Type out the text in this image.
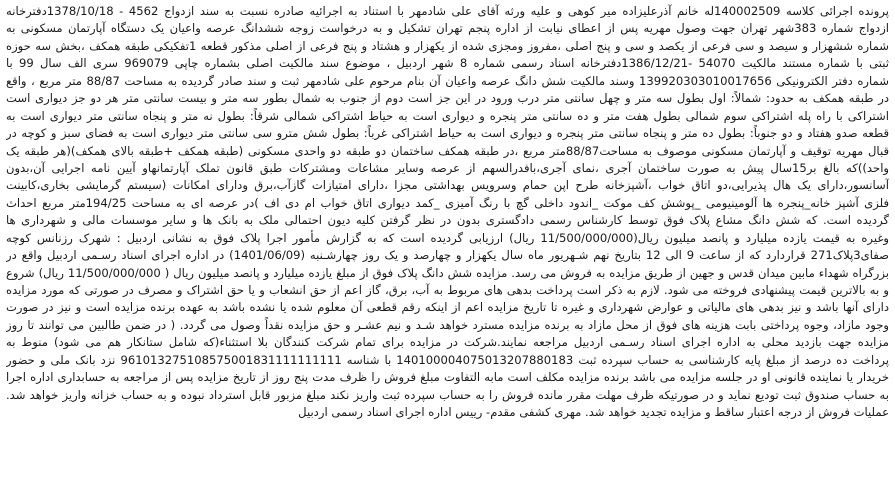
پرونده اجرائی کلاسه 140002509له خانم آذرعلیزاده میر کوهی و علیه ورثه آقای علی شادمهر با استناد به اجرائیه صادره نسبت به سند ازدواج 4562 - 1378/10/18دفترخانه
ازدواج شماره 383شهر تهران جهت وصول مهریه پس از اعطای نیابت از اداره پنجم تهران تشکیل و به درخواست زوجه ششدانگ عرصه واعیان یک دستگاه آپارتمان مسکونی به
شماره ششهزار و سیصد و سی فرعی از یکصد و سی و پنج اصلی ،مفروز ومجزی شده از یکهزار و هشتاد و پنج فرعی از اصلی مذکور قطعه 1تفکیکی طبقه همکف ،بخش سه حوزه
ثبتی با شماره مستند مالکیت 54070 -1386/12/21دفترخانه اسناد رسمی شماره 8 شهر اردبیل ، موضوع سند مالکیت اصلی بشماره چاپی 969079 سری الف سال 99 با
شماره دفتر الکترونیکی 139920303010017656 وسند مالکیت شش دانگ عرصه واعیان آن بنام مرحوم علی شادمهر ثبت و سند صادر گردیده به مساحت 88/87 متر مربع ، واقع
در طبقه همکف به حدود: شمالاً: اول بطول سه متر و چهل سانتی متر درب ورود در این جز است دوم از جنوب به شمال بطور سه متر و بیست سانتی متر هر دو جز دیواری است
اشتراکی با راه پله اشتراکی سوم شمالی بطول هفت متر و ده سانتی متر پنجره و دیواری است به حیاط اشتراکی شمالی شرقاً: بطول نه متر و پنجاه سانتی متر دیواری است به
قطعه صدو هفتاد و دو جنوباً: بطول ده متر و پنجاه سانتی متر پنجره و دیواری است به حیاط اشتراکی غرباً: بطول شش مترو سی سانتی متر دیواری است به فضای سبز و کوچه در
قبال مهریه توقیف و آپارتمان مسکونی موصوف به مساحت88/87متر مربع ،در طبقه همکف ساختمان دو طبقه دو واحدی مسکونی (طبقه همکف +طبقه بالای همکف)(هر طبقه یک
واحد))که بالغ بر15سال پیش به صورت ساختمان آجری ،نمای آجری،بافدرالسهم از عرصه وسایر مشاعات ومشترکات طبق قانون تملک آپارتمانهاو آیین نامه اجرایی آن،بدون
آسانسور،دارای یک هال پذیرایی،دو اتاق خواب ،آشپزخانه طرح اپن حمام وسرویس بهداشتی مجزا ،دارای امتیازات گازآب،برق ودارای امکانات (سیستم گرمایشی بخاری،کابینت
فلزی آشپز خانه_پنجره ها آلومینیومی _پوشش کف موکت _اندود داخلی گچ با رنگ آمیزی _کمد دیواری اتاق خواب ام دی اف )در عرصه ای به مساحت 194/25متر مربع احداث
گردیده است. که شش دانگ مشاع پلاک فوق توسط کارشناس رسمی دادگستری بدون در نظر گرفتن کلیه دیون احتمالی ملک به بانک ها و سایر موسسات مالی و شهرداری ها
وغیره به قیمت یازده میلیارد و پانصد میلیون ریال(11/500/000/000 ریال) ارزیابی گردیده است که به گزارش مأمور اجرا پلاک فوق به نشانی اردبیل : شهرک رزنانس کوچه
صفای3پلاک271 قراردارد که از ساعت 9 الی 12 بتاریخ نهم شـهریور ماه سال یکهزار و چهارصد و یک روز چهارشـنبه (1401/06/09) در اداره اجرای اسناد رسـمی اردبیل واقع در
بزرگراه شهداء مابین میدان قدس و جهین از طریق مزایده به فروش می رسد. مزایده شش دانگ پلاک فوق از مبلغ یازده میلیارد و پانصد میلیون ریال ( 11/500/000/000 ریال) شروع
و به بالاترین قیمت پیشنهادی فروخته می شود. لازم به ذکر است پرداخت بدهی های مربوط به آب، برق، گاز اعم از حق انشعاب و یا حق اشتراک و مصرف در صورتی که مورد مزایده
دارای آنها باشد و نیز بدهی های مالیاتی و عوارض شهرداری و غیره تا تاریخ مزایده اعم از اینکه رقم قطعی آن معلوم شده یا نشده باشد به عهده برنده مزایده است و نیز در صورت
وجود مازاد، وجوه پرداختی بابت هزینه های فوق از محل مازاد به برنده مزایده مسترد خواهد شـد و نیم عشـر و حق مزایده نقداً وصول می گردد. ( در ضمن طالبین می توانند تا روز
مزایده جهت بازدید محلی به اداره اجرای اسناد رسـمی اردبیل مراجعه نمایند.شرکت در مزایده برای تمام شرکت کنندگان بلا استثناء(که شامل ستانکار هم می شود) منوط به
پرداخت ده درصد از مبلغ پایه کارشناسی به حساب سپرده ثبت 140100004075013207880183 با شناسه 961013275108575001831111111111 نزد بانک ملی و حضور
خریدار یا نماینده قانونی او در جلسه مزایده می باشد برنده مزایده مکلف است مابه التفاوت مبلغ فروش را ظرف مدت پنج روز از تاریخ مزایده پس از مراجعه به حسابداری اداره اجرا
به حساب صندوق ثبت تودیع نماید و در صورتیکه ظرف مهلت مقرر مانده فروش را به حساب سپرده ثبت واریز نکند مبلغ مزبور قابل استرداد نبوده و به حساب خزانه واریز خواهد شد.
عملیات فروش از درجه اعتبار ساقط و مزایده تجدید خواهد شد. مهری کشفی مقدم- رییس اداره اجرای اسناد رسمی اردبیل
